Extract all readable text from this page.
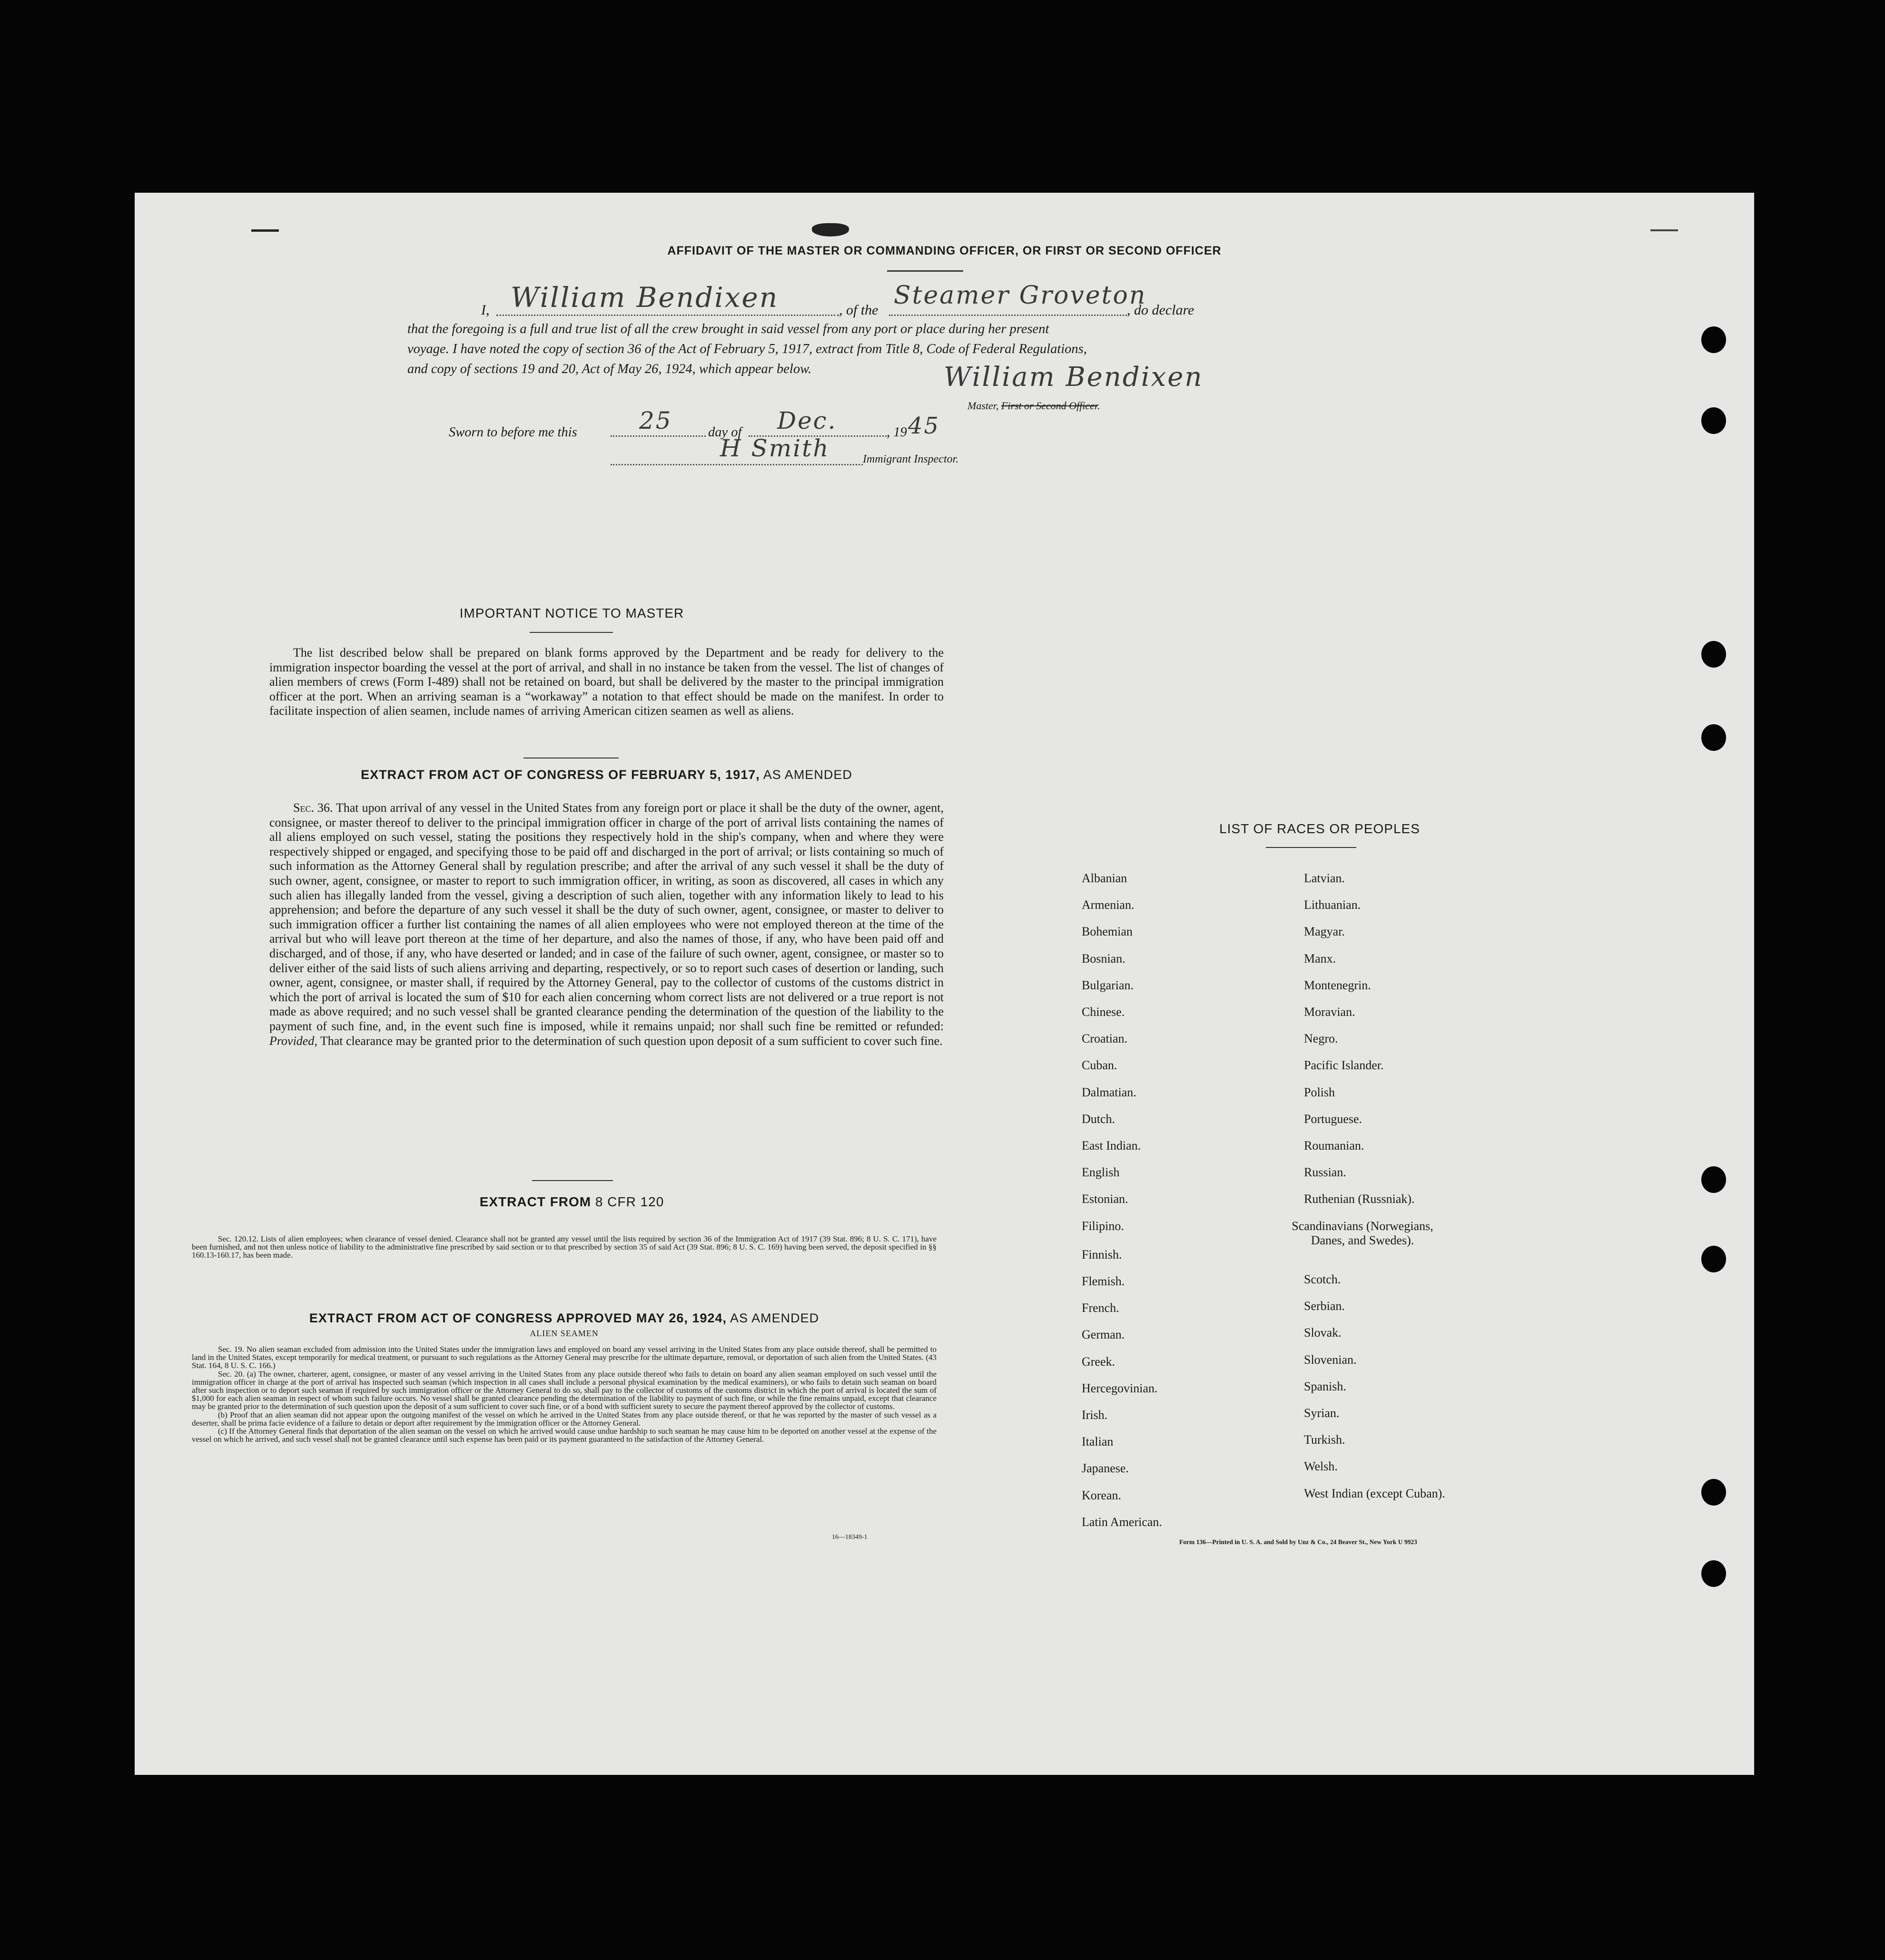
AFFIDAVIT OF THE MASTER OR COMMANDING OFFICER, OR FIRST OR SECOND OFFICER
I, William Bendixen	, of the
Steamer Groveton
, do declare
that the foregoing is a full and true list of all the crew brought in said vessel from any port or place during her present
voyage. I have noted the copy of section 36 of the Act of February 5, 1917, extract from Title 8, Code of Federal Regulations,
and copy of sections 19 and 20, Act of May 26, 1924, which appear below.	William Bendixen
Master, First or Second Officer.
Sworn to before me this	25	day of Dec.	, 19 45
H Smith	Immigrant Inspector.
IMPORTANT NOTICE TO MASTER
The list described below shall be prepared on blank forms approved by the Department and be ready for delivery to the immigration inspector boarding the vessel at the port of arrival, and shall in no instance be taken from the vessel. The list of changes of alien members of crews (Form I-489) shall not be retained on board, but shall be delivered by the master to the principal immigration officer at the port. When an arriving seaman is a “workaway” a notation to that effect should be made on the manifest. In order to facilitate inspection of alien seamen, include names of arriving American citizen seamen as well as aliens.
EXTRACT FROM ACT OF CONGRESS OF FEBRUARY 5, 1917, AS AMENDED
Sec. 36. That upon arrival of any vessel in the United States from any foreign port or place it shall be the duty of the owner, agent, consignee, or master thereof to deliver to the principal immigration officer in charge of the port of arrival lists containing the names of all aliens employed on such vessel, stating the positions they respectively hold in the ship's company, when and where they were respectively shipped or engaged, and specifying those to be paid off and discharged in the port of arrival; or lists containing so much of such information as the Attorney General shall by regulation prescribe; and after the arrival of any such vessel it shall be the duty of such owner, agent, consignee, or master to report to such immigration officer, in writing, as soon as discovered, all cases in which any such alien has illegally landed from the vessel, giving a description of such alien, together with any information likely to lead to his apprehension; and before the departure of any such vessel it shall be the duty of such owner, agent, consignee, or master to deliver to such immigration officer a further list containing the names of all alien employees who were not employed thereon at the time of the arrival but who will leave port thereon at the time of her departure, and also the names of those, if any, who have been paid off and discharged, and of those, if any, who have deserted or landed; and in case of the failure of such owner, agent, consignee, or master so to deliver either of the said lists of such aliens arriving and departing, respectively, or so to report such cases of desertion or landing, such owner, agent, consignee, or master shall, if required by the Attorney General, pay to the collector of customs of the customs district in which the port of arrival is located the sum of $10 for each alien concerning whom correct lists are not delivered or a true report is not made as above required; and no such vessel shall be granted clearance pending the determination of the question of the liability to the payment of such fine, and, in the event such fine is imposed, while it remains unpaid; nor shall such fine be remitted or refunded: Provided, That clearance may be granted prior to the determination of such question upon deposit of a sum sufficient to cover such fine.
EXTRACT FROM 8 CFR 120
Sec. 120.12. Lists of alien employees; when clearance of vessel denied. Clearance shall not be granted any vessel until the lists required by section 36 of the Immigration Act of 1917 (39 Stat. 896; 8 U. S. C. 171), have been furnished, and not then unless notice of liability to the administrative fine prescribed by said section or to that prescribed by section 35 of said Act (39 Stat. 896; 8 U. S. C. 169) having been served, the deposit specified in §§ 160.13-160.17, has been made.
EXTRACT FROM ACT OF CONGRESS APPROVED MAY 26, 1924, AS AMENDED
ALIEN SEAMEN
Sec. 19. No alien seaman excluded from admission into the United States under the immigration laws and employed on board any vessel arriving in the United States from any place outside thereof, shall be permitted to land in the United States, except temporarily for medical treatment, or pursuant to such regulations as the Attorney General may prescribe for the ultimate departure, removal, or deportation of such alien from the United States. (43 Stat. 164, 8 U. S. C. 166.)
Sec. 20. (a) The owner, charterer, agent, consignee, or master of any vessel arriving in the United States from any place outside thereof who fails to detain on board any alien seaman employed on such vessel until the immigration officer in charge at the port of arrival has inspected such seaman (which inspection in all cases shall include a personal physical examination by the medical examiners), or who fails to detain such seaman on board after such inspection or to deport such seaman if required by such immigration officer or the Attorney General to do so, shall pay to the collector of customs of the customs district in which the port of arrival is located the sum of $1,000 for each alien seaman in respect of whom such failure occurs. No vessel shall be granted clearance pending the determination of the liability to payment of such fine, or while the fine remains unpaid, except that clearance may be granted prior to the determination of such question upon the deposit of a sum sufficient to cover such fine, or of a bond with sufficient surety to secure the payment thereof approved by the collector of customs.
(b) Proof that an alien seaman did not appear upon the outgoing manifest of the vessel on which he arrived in the United States from any place outside thereof, or that he was reported by the master of such vessel as a deserter, shall be prima facie evidence of a failure to detain or deport after requirement by the immigration officer or the Attorney General.
(c) If the Attorney General finds that deportation of the alien seaman on the vessel on which he arrived would cause undue hardship to such seaman he may cause him to be deported on another vessel at the expense of the vessel on which he arrived, and such vessel shall not be granted clearance until such expense has been paid or its payment guaranteed to the satisfaction of the Attorney General.
16—18349-1
LIST OF RACES OR PEOPLES
Albanian
Armenian.
Bohemian
Bosnian.
Bulgarian.
Chinese.
Croatian.
Cuban.
Dalmatian.
Dutch.
East Indian.
English
Estonian.
Filipino.
Finnish.
Flemish.
French.
German.
Greek.
Hercegovinian.
Irish.
Italian
Japanese.
Korean.
Latin American.
Latvian.
Lithuanian.
Magyar.
Manx.
Montenegrin.
Moravian.
Negro.
Pacific Islander.
Polish
Portuguese.
Roumanian.
Russian.
Ruthenian (Russniak).
Scandinavians (Norwegians, Danes, and Swedes).
Scotch.
Serbian.
Slovak.
Slovenian.
Spanish.
Syrian.
Turkish.
Welsh.
West Indian (except Cuban).
Form 136—Printed in U. S. A. and Sold by Unz & Co., 24 Beaver St., New York U 9923
